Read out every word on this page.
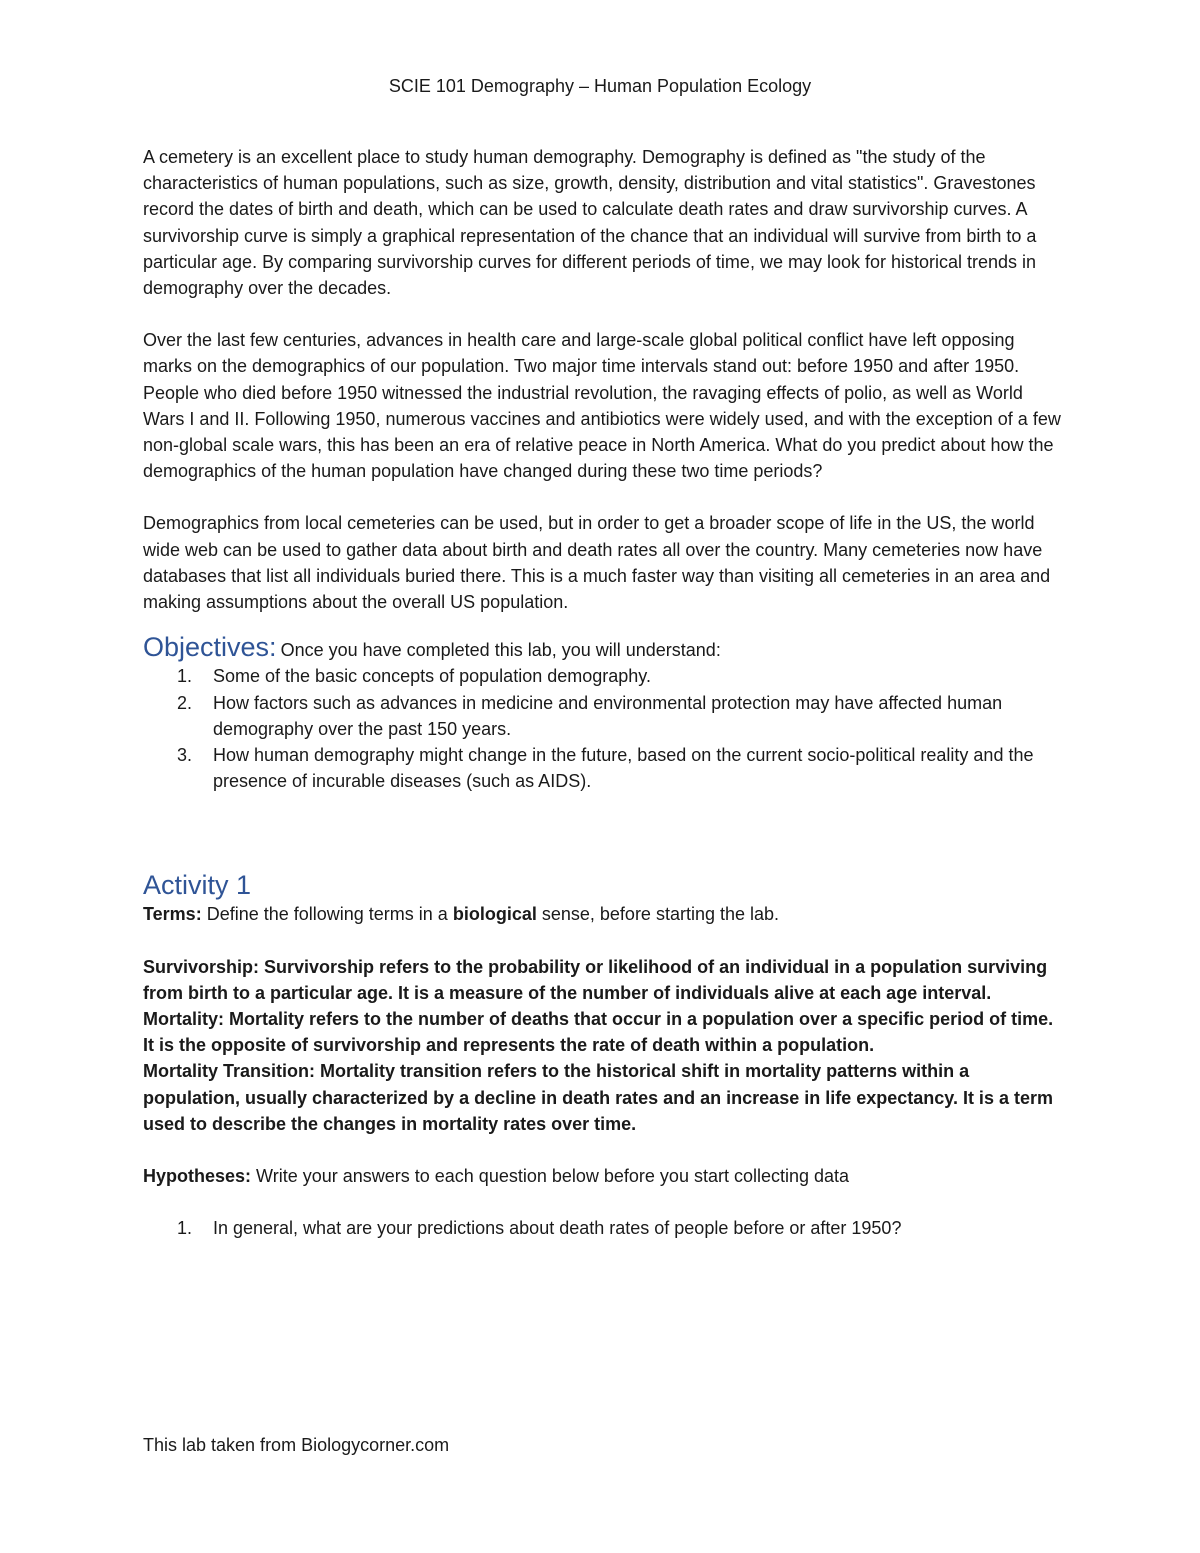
SCIE 101 Demography – Human Population Ecology

A cemetery is an excellent place to study human demography. Demography is defined as "the study of the characteristics of human populations, such as size, growth, density, distribution and vital statistics". Gravestones record the dates of birth and death, which can be used to calculate death rates and draw survivorship curves. A survivorship curve is simply a graphical representation of the chance that an individual will survive from birth to a particular age. By comparing survivorship curves for different periods of time, we may look for historical trends in demography over the decades.

Over the last few centuries, advances in health care and large-scale global political conflict have left opposing marks on the demographics of our population. Two major time intervals stand out: before 1950 and after 1950. People who died before 1950 witnessed the industrial revolution, the ravaging effects of polio, as well as World Wars I and II. Following 1950, numerous vaccines and antibiotics were widely used, and with the exception of a few non-global scale wars, this has been an era of relative peace in North America. What do you predict about how the demographics of the human population have changed during these two time periods?

Demographics from local cemeteries can be used, but in order to get a broader scope of life in the US, the world wide web can be used to gather data about birth and death rates all over the country. Many cemeteries now have databases that list all individuals buried there. This is a much faster way than visiting all cemeteries in an area and making assumptions about the overall US population.

Objectives: Once you have completed this lab, you will understand:
1. Some of the basic concepts of population demography.
2. How factors such as advances in medicine and environmental protection may have affected human demography over the past 150 years.
3. How human demography might change in the future, based on the current socio-political reality and the presence of incurable diseases (such as AIDS).
Activity 1

Terms: Define the following terms in a biological sense, before starting the lab.

Survivorship: Survivorship refers to the probability or likelihood of an individual in a population surviving from birth to a particular age. It is a measure of the number of individuals alive at each age interval.

Mortality: Mortality refers to the number of deaths that occur in a population over a specific period of time. It is the opposite of survivorship and represents the rate of death within a population.

Mortality Transition: Mortality transition refers to the historical shift in mortality patterns within a population, usually characterized by a decline in death rates and an increase in life expectancy. It is a term used to describe the changes in mortality rates over time.

Hypotheses: Write your answers to each question below before you start collecting data

1. In general, what are your predictions about death rates of people before or after 1950?
This lab taken from Biologycorner.com
